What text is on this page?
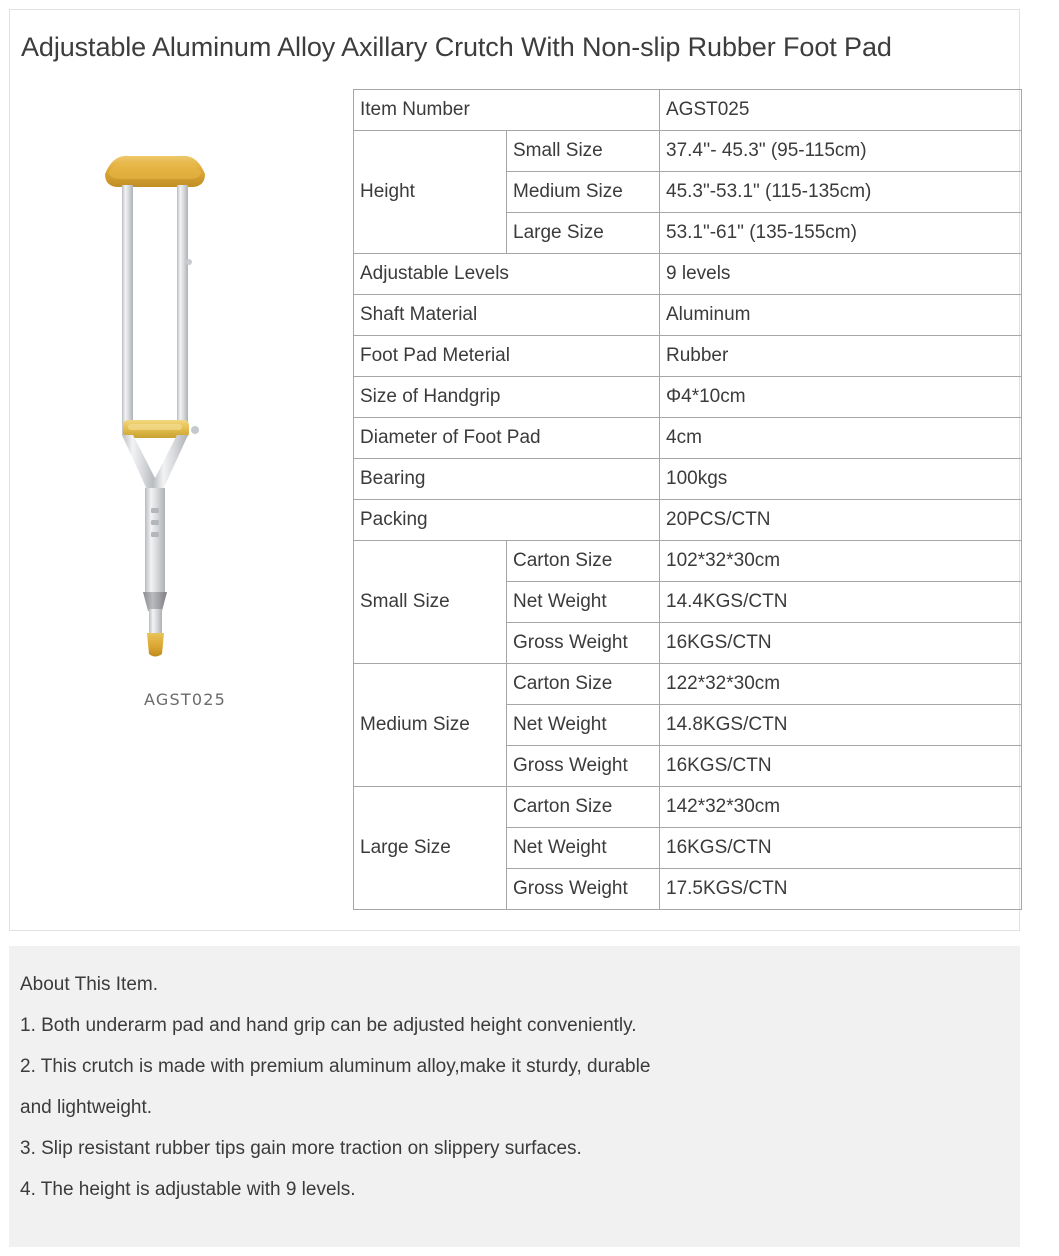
Adjustable Aluminum Alloy Axillary Crutch With Non-slip Rubber Foot Pad
AGST025
Item Number		AGST025
Height	Small Size	37.4''- 45.3" (95-115cm)
	Medium Size	45.3"-53.1" (115-135cm)
	Large Size	53.1"-61" (135-155cm)
Adjustable Levels		9 levels
Shaft Material		Aluminum
Foot Pad Meterial		Rubber
Size of Handgrip		Φ4*10cm
Diameter of Foot Pad		4cm
Bearing		100kgs
Packing		20PCS/CTN
Small Size	Carton Size	102*32*30cm
	Net Weight	14.4KGS/CTN
	Gross Weight	16KGS/CTN
Medium Size	Carton Size	122*32*30cm
	Net Weight	14.8KGS/CTN
	Gross Weight	16KGS/CTN
Large Size	Carton Size	142*32*30cm
	Net Weight	16KGS/CTN
	Gross Weight	17.5KGS/CTN
About This Item.
1. Both underarm pad and hand grip can be adjusted height conveniently.
2. This crutch is made with premium aluminum alloy,make it sturdy, durable
and lightweight.
3. Slip resistant rubber tips gain more traction on slippery surfaces.
4. The height is adjustable with 9 levels.
